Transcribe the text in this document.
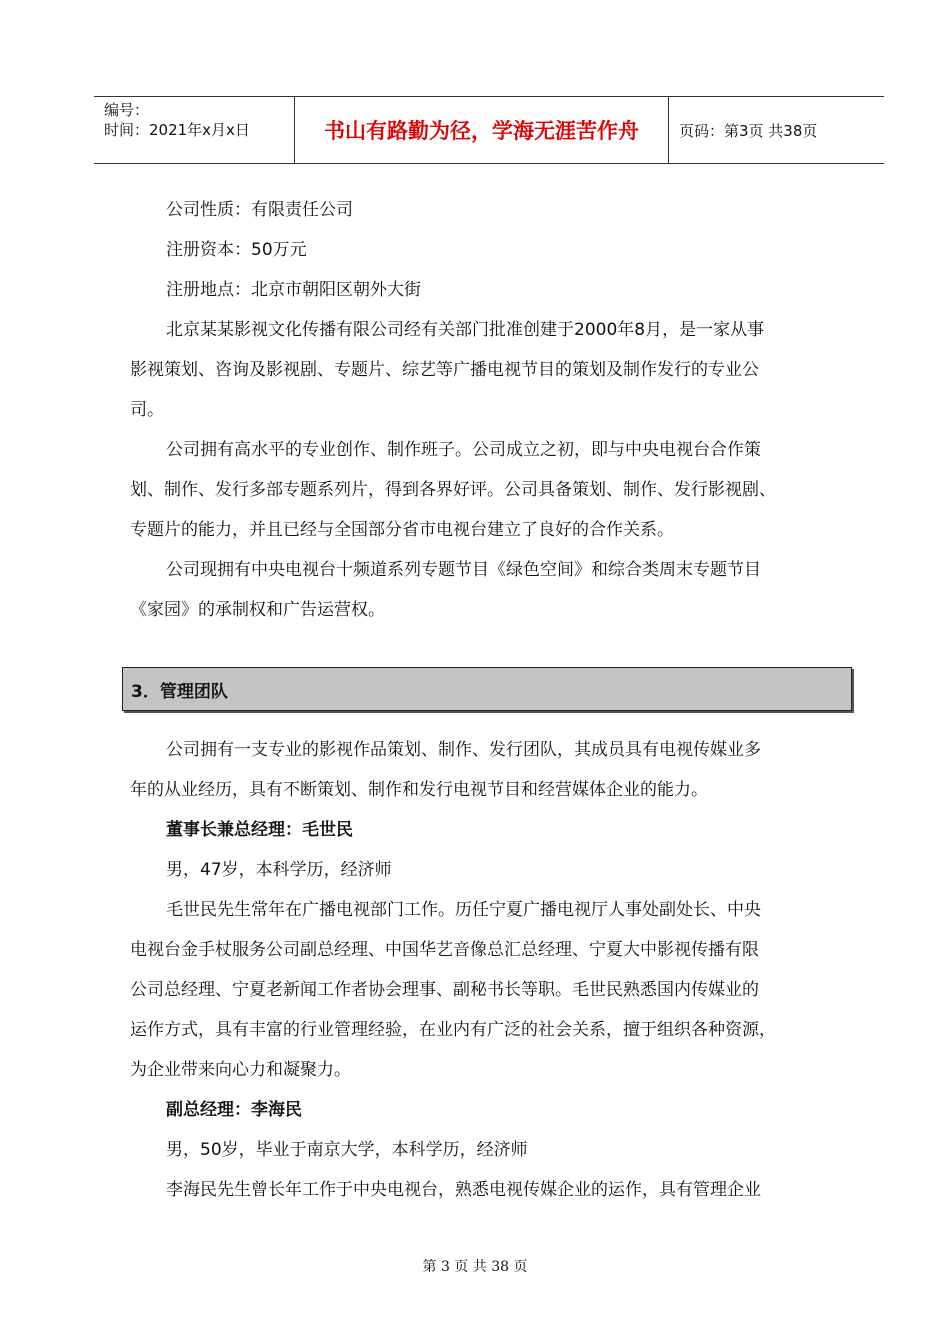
编号：
时间：2021年x月x日	书山有路勤为径，学海无涯苦作舟	页码：第3页 共38页

公司性质：有限责任公司

注册资本：50万元

注册地点：北京市朝阳区朝外大街

北京某某影视文化传播有限公司经有关部门批准创建于2000年8月，是一家从事
影视策划、咨询及影视剧、专题片、综艺等广播电视节目的策划及制作发行的专业公
司。

公司拥有高水平的专业创作、制作班子。公司成立之初，即与中央电视台合作策
划、制作、发行多部专题系列片，得到各界好评。公司具备策划、制作、发行影视剧、
专题片的能力，并且已经与全国部分省市电视台建立了良好的合作关系。

公司现拥有中央电视台十频道系列专题节目《绿色空间》和综合类周末专题节目
《家园》的承制权和广告运营权。

3．管理团队

公司拥有一支专业的影视作品策划、制作、发行团队，其成员具有电视传媒业多
年的从业经历，具有不断策划、制作和发行电视节目和经营媒体企业的能力。

董事长兼总经理：毛世民

男，47岁，本科学历，经济师

毛世民先生常年在广播电视部门工作。历任宁夏广播电视厅人事处副处长、中央
电视台金手杖服务公司副总经理、中国华艺音像总汇总经理、宁夏大中影视传播有限
公司总经理、宁夏老新闻工作者协会理事、副秘书长等职。毛世民熟悉国内传媒业的
运作方式，具有丰富的行业管理经验，在业内有广泛的社会关系，擅于组织各种资源，
为企业带来向心力和凝聚力。

副总经理：李海民

男，50岁，毕业于南京大学，本科学历，经济师

李海民先生曾长年工作于中央电视台，熟悉电视传媒企业的运作，具有管理企业

第 3 页 共 38 页
